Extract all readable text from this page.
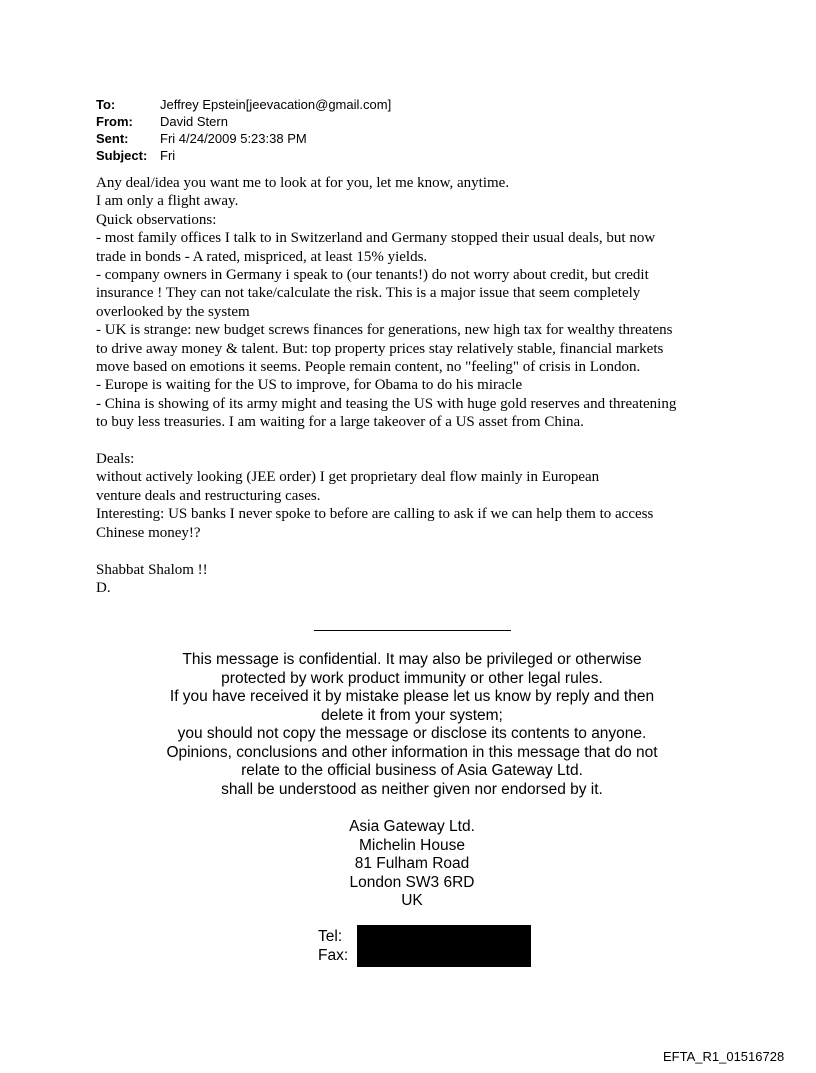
To:	Jeffrey Epstein[jeevacation@gmail.com]
From:	David Stern
Sent:	Fri 4/24/2009 5:23:38 PM
Subject: Fri
Any deal/idea you want me to look at for you, let me know, anytime.
I am only a flight away.
Quick observations:
- most family offices I talk to in Switzerland and Germany stopped their usual deals, but now
trade in bonds - A rated, mispriced, at least 15% yields.
- company owners in Germany i speak to (our tenants!) do not worry about credit, but credit
insurance ! They can not take/calculate the risk. This is a major issue that seem completely
overlooked by the system
- UK is strange: new budget screws finances for generations, new high tax for wealthy threatens
to drive away money & talent. But: top property prices stay relatively stable, financial markets
move based on emotions it seems. People remain content, no "feeling" of crisis in London.
- Europe is waiting for the US to improve, for Obama to do his miracle
- China is showing of its army might and teasing the US with huge gold reserves and threatening
to buy less treasuries. I am waiting for a large takeover of a US asset from China.
Deals:
without actively looking (JEE order) I get proprietary deal flow mainly in European
venture deals and restructuring cases.
Interesting: US banks I never spoke to before are calling to ask if we can help them to access
Chinese money!?
Shabbat Shalom !!
D.
This message is confidential. It may also be privileged or otherwise
protected by work product immunity or other legal rules.
If you have received it by mistake please let us know by reply and then
delete it from your system;
you should not copy the message or disclose its contents to anyone.
Opinions, conclusions and other information in this message that do not
relate to the official business of Asia Gateway Ltd.
shall be understood as neither given nor endorsed by it.
Asia Gateway Ltd.
Michelin House
81 Fulham Road
London SW3 6RD
UK
Tel:
Fax:
EFTA_R1_01516728
